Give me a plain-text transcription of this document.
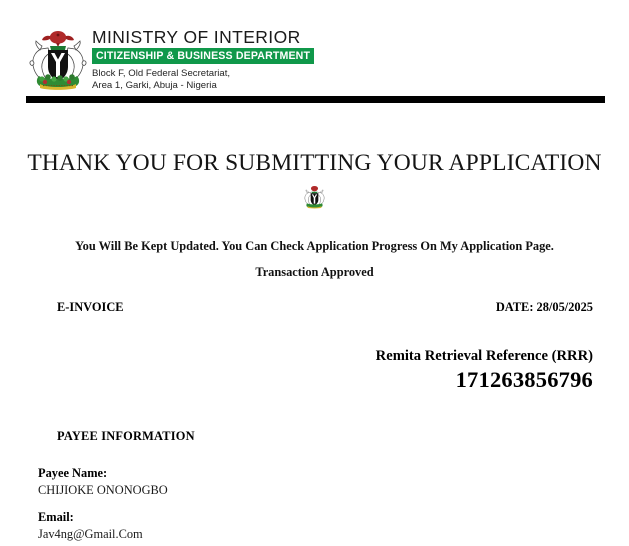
MINISTRY OF INTERIOR
CITIZENSHIP & BUSINESS DEPARTMENT
Block F, Old Federal Secretariat,
Area 1, Garki, Abuja - Nigeria
THANK YOU FOR SUBMITTING YOUR APPLICATION
You Will Be Kept Updated. You Can Check Application Progress On My Application Page.
Transaction Approved
E-INVOICE	DATE: 28/05/2025
Remita Retrieval Reference (RRR)
171263856796
PAYEE INFORMATION
Payee Name:
CHIJIOKE ONONOGBO
Email:
Jav4ng@Gmail.Com
